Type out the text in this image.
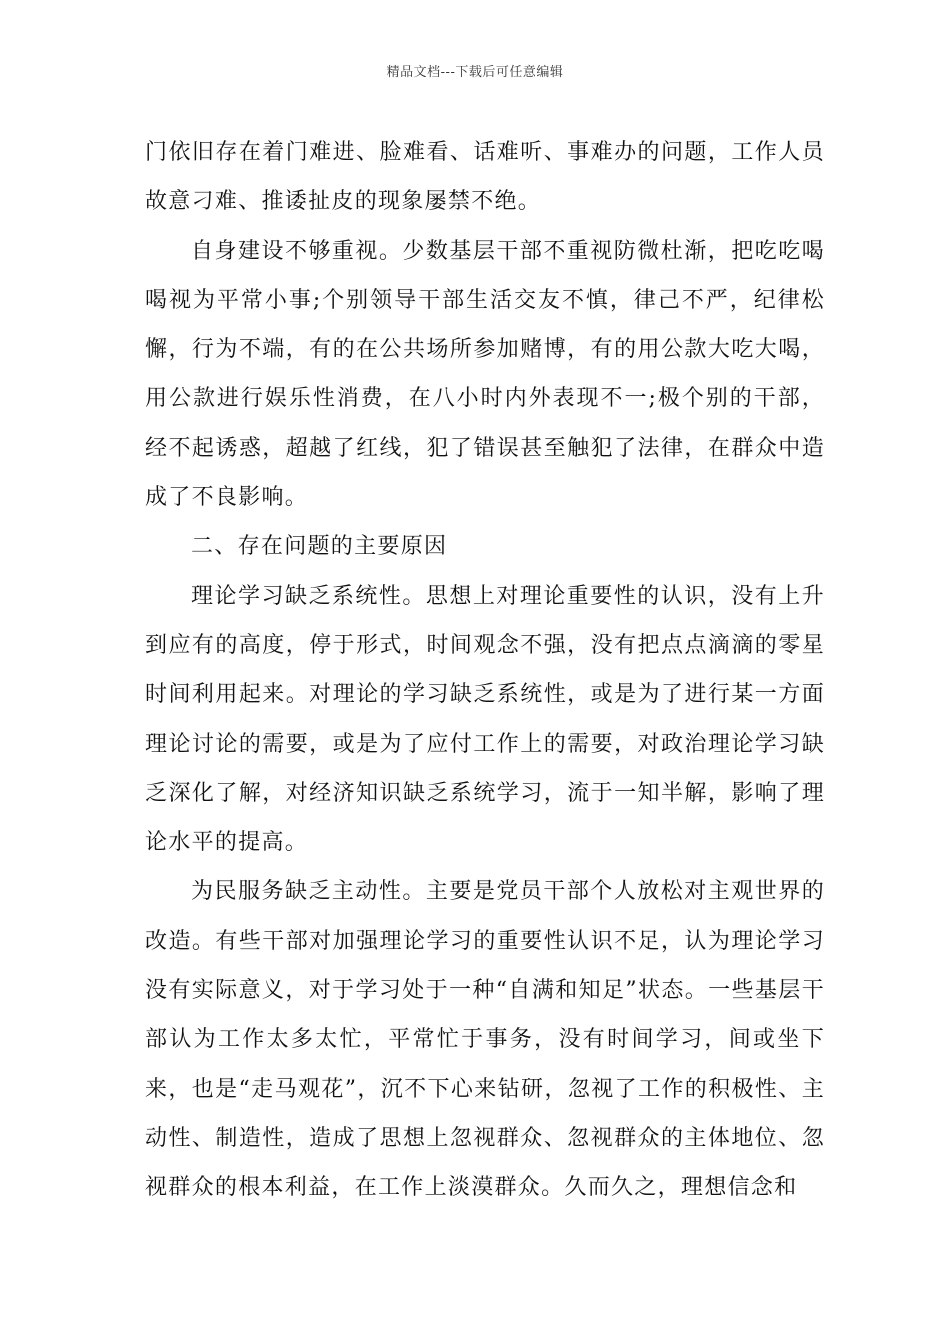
精品文档---下载后可任意编辑

门依旧存在着门难进、脸难看、话难听、事难办的问题，工作人员故意刁难、推诿扯皮的现象屡禁不绝。

自身建设不够重视。少数基层干部不重视防微杜渐，把吃吃喝喝视为平常小事;个别领导干部生活交友不慎，律己不严，纪律松懈，行为不端，有的在公共场所参加赌博，有的用公款大吃大喝，用公款进行娱乐性消费，在八小时内外表现不一;极个别的干部，经不起诱惑，超越了红线，犯了错误甚至触犯了法律，在群众中造成了不良影响。

二、存在问题的主要原因

理论学习缺乏系统性。思想上对理论重要性的认识，没有上升到应有的高度，停于形式，时间观念不强，没有把点点滴滴的零星时间利用起来。对理论的学习缺乏系统性，或是为了进行某一方面理论讨论的需要，或是为了应付工作上的需要，对政治理论学习缺乏深化了解，对经济知识缺乏系统学习，流于一知半解，影响了理论水平的提高。

为民服务缺乏主动性。主要是党员干部个人放松对主观世界的改造。有些干部对加强理论学习的重要性认识不足，认为理论学习没有实际意义，对于学习处于一种“自满和知足”状态。一些基层干部认为工作太多太忙，平常忙于事务，没有时间学习，间或坐下来，也是“走马观花”，沉不下心来钻研，忽视了工作的积极性、主动性、制造性，造成了思想上忽视群众、忽视群众的主体地位、忽视群众的根本利益，在工作上淡漠群众。久而久之，理想信念和
